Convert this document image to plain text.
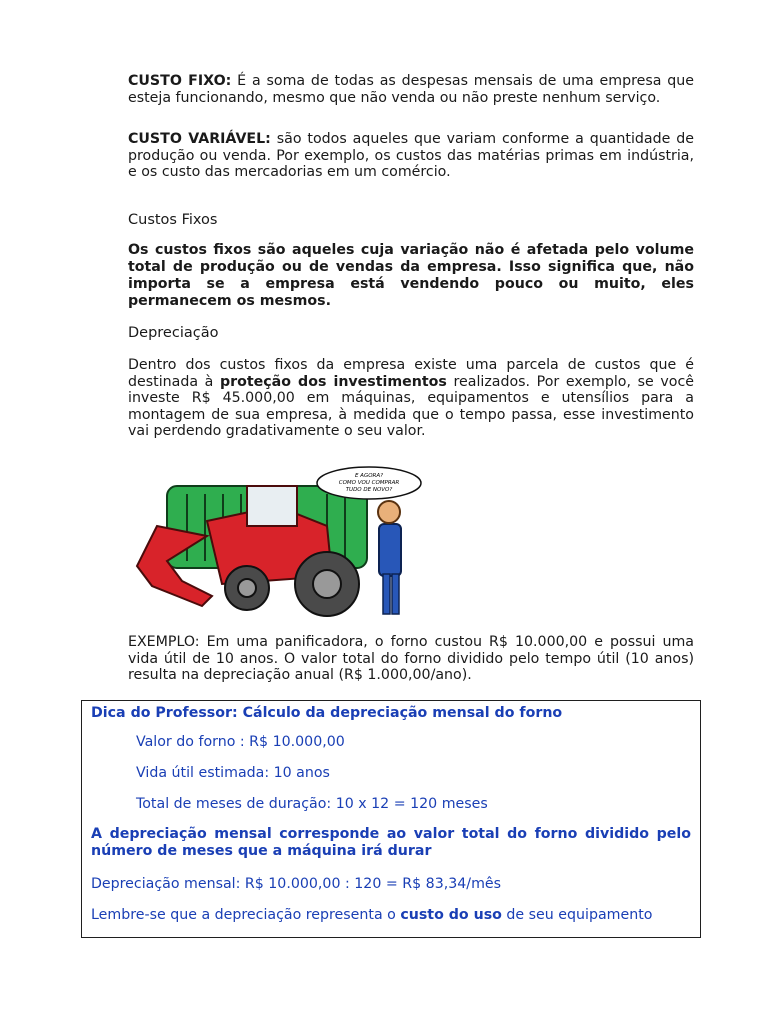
CUSTO FIXO: É a soma de todas as despesas mensais de uma empresa que esteja funcionando, mesmo que não venda ou não preste nenhum serviço.

CUSTO VARIÁVEL: são todos aqueles que variam conforme a quantidade de produção ou venda. Por exemplo, os custos das matérias primas em indústria, e os custo das mercadorias em um comércio.

Custos Fixos

Os custos fixos são aqueles cuja variação não é afetada pelo volume total de produção ou de vendas da empresa. Isso significa que, não importa se a empresa está vendendo pouco ou muito, eles permanecem os mesmos.

Depreciação

Dentro dos custos fixos da empresa existe uma parcela de custos que é destinada à proteção dos investimentos realizados. Por exemplo, se você investe R$ 45.000,00 em máquinas, equipamentos e utensílios para a montagem de sua empresa, à medida que o tempo passa, esse investimento vai perdendo gradativamente o seu valor.

E AGORA?
COMO VOU COMPRAR
TUDO DE NOVO?

EXEMPLO: Em uma panificadora, o forno custou R$ 10.000,00 e possui uma vida útil de 10 anos. O valor total do forno dividido pelo tempo útil (10 anos) resulta na depreciação anual (R$ 1.000,00/ano).

Dica do Professor: Cálculo da depreciação mensal do forno

Valor do forno : R$ 10.000,00

Vida útil estimada: 10 anos

Total de meses de duração: 10 x 12 = 120 meses

A depreciação mensal corresponde ao valor total do forno dividido pelo número de meses que a máquina irá durar

Depreciação mensal: R$ 10.000,00 : 120 = R$ 83,34/mês

Lembre-se que a depreciação representa o custo do uso de seu equipamento
